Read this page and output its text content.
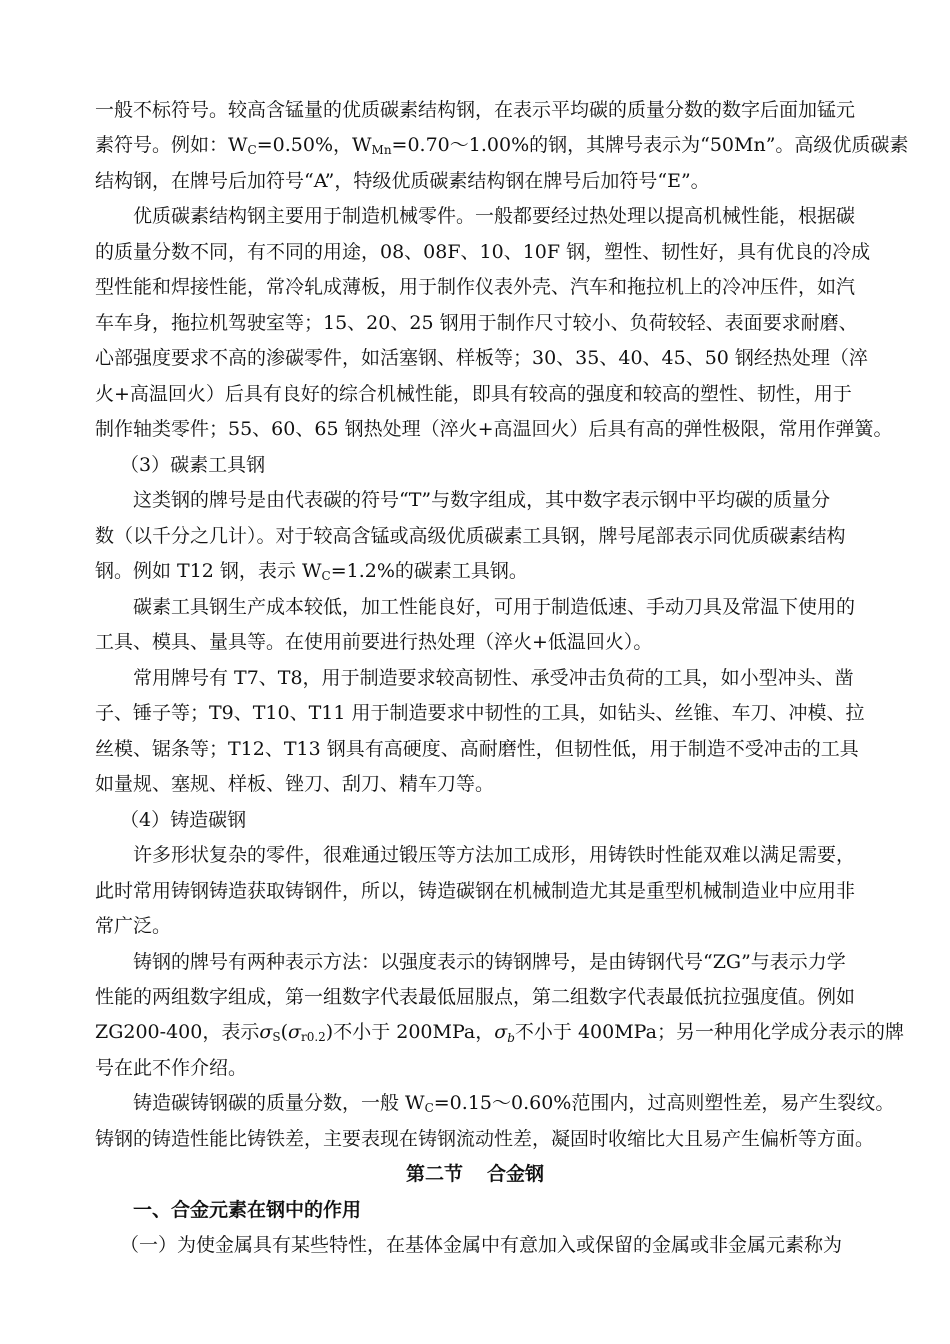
一般不标符号。较高含锰量的优质碳素结构钢，在表示平均碳的质量分数的数字后面加锰元
素符号。例如：$W_C=0.50\%$，$W_{Mn}=0.70\sim 1.00\%$的钢，其牌号表示为“50Mn”。高级优质碳素
结构钢，在牌号后加符号“A”，特级优质碳素结构钢在牌号后加符号“E”。
优质碳素结构钢主要用于制造机械零件。一般都要经过热处理以提高机械性能，根据碳
的质量分数不同，有不同的用途，08、08F、10、10F 钢，塑性、韧性好，具有优良的冷成
型性能和焊接性能，常冷轧成薄板，用于制作仪表外壳、汽车和拖拉机上的冷冲压件，如汽
车车身，拖拉机驾驶室等；15、20、25 钢用于制作尺寸较小、负荷较轻、表面要求耐磨、
心部强度要求不高的渗碳零件，如活塞钢、样板等；30、35、40、45、50 钢经热处理（淬
火+高温回火）后具有良好的综合机械性能，即具有较高的强度和较高的塑性、韧性，用于
制作轴类零件；55、60、65 钢热处理（淬火+高温回火）后具有高的弹性极限，常用作弹簧。
（3）碳素工具钢
这类钢的牌号是由代表碳的符号“T”与数字组成，其中数字表示钢中平均碳的质量分
数（以千分之几计）。对于较高含锰或高级优质碳素工具钢，牌号尾部表示同优质碳素结构
钢。例如 T12 钢，表示 $W_C=1.2\%$的碳素工具钢。
碳素工具钢生产成本较低，加工性能良好，可用于制造低速、手动刀具及常温下使用的
工具、模具、量具等。在使用前要进行热处理（淬火+低温回火）。
常用牌号有 T7、T8，用于制造要求较高韧性、承受冲击负荷的工具，如小型冲头、凿
子、锤子等；T9、T10、T11 用于制造要求中韧性的工具，如钻头、丝锥、车刀、冲模、拉
丝模、锯条等；T12、T13 钢具有高硬度、高耐磨性，但韧性低，用于制造不受冲击的工具
如量规、塞规、样板、锉刀、刮刀、精车刀等。
（4）铸造碳钢
许多形状复杂的零件，很难通过锻压等方法加工成形，用铸铁时性能双难以满足需要，
此时常用铸钢铸造获取铸钢件，所以，铸造碳钢在机械制造尤其是重型机械制造业中应用非
常广泛。
铸钢的牌号有两种表示方法：以强度表示的铸钢牌号，是由铸钢代号“ZG”与表示力学
性能的两组数字组成，第一组数字代表最低屈服点，第二组数字代表最低抗拉强度值。例如
ZG200-400，表示$\sigma_S(\sigma_{r0.2})$不小于 200MPa，$\sigma_b$不小于 400MPa；另一种用化学成分表示的牌
号在此不作介绍。
铸造碳铸钢碳的质量分数，一般 $W_C=0.15\sim 0.60\%$范围内，过高则塑性差，易产生裂纹。
铸钢的铸造性能比铸铁差，主要表现在铸钢流动性差，凝固时收缩比大且易产生偏析等方面。
第二节 合金钢
一、合金元素在钢中的作用
（一）为使金属具有某些特性，在基体金属中有意加入或保留的金属或非金属元素称为
